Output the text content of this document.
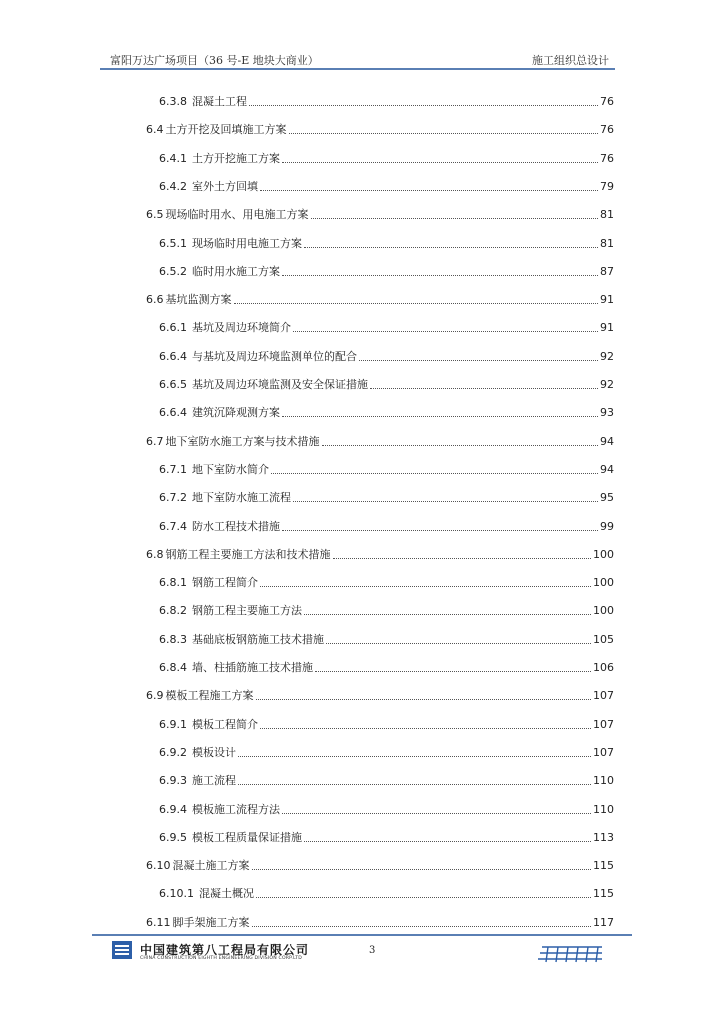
富阳万达广场项目（36 号-E 地块大商业）	施工组织总设计
6.3.8 混凝土工程	76
6.4 土方开挖及回填施工方案	76
6.4.1 土方开挖施工方案	76
6.4.2 室外土方回填	79
6.5 现场临时用水、用电施工方案	81
6.5.1 现场临时用电施工方案	81
6.5.2 临时用水施工方案	87
6.6 基坑监测方案	91
6.6.1 基坑及周边环境简介	91
6.6.4 与基坑及周边环境监测单位的配合	92
6.6.5 基坑及周边环境监测及安全保证措施	92
6.6.4 建筑沉降观测方案	93
6.7 地下室防水施工方案与技术措施	94
6.7.1 地下室防水简介	94
6.7.2 地下室防水施工流程	95
6.7.4 防水工程技术措施	99
6.8 钢筋工程主要施工方法和技术措施	100
6.8.1 钢筋工程简介	100
6.8.2 钢筋工程主要施工方法	100
6.8.3 基础底板钢筋施工技术措施	105
6.8.4 墙、柱插筋施工技术措施	106
6.9 模板工程施工方案	107
6.9.1 模板工程简介	107
6.9.2 模板设计	107
6.9.3 施工流程	110
6.9.4 模板施工流程方法	110
6.9.5 模板工程质量保证措施	113
6.10 混凝土施工方案	115
6.10.1 混凝土概况	115
6.11 脚手架施工方案	117
中国建筑第八工程局有限公司
CHINA CONSTRUCTION EIGHTH ENGINEERING DIVISION CORP.LTD
3
